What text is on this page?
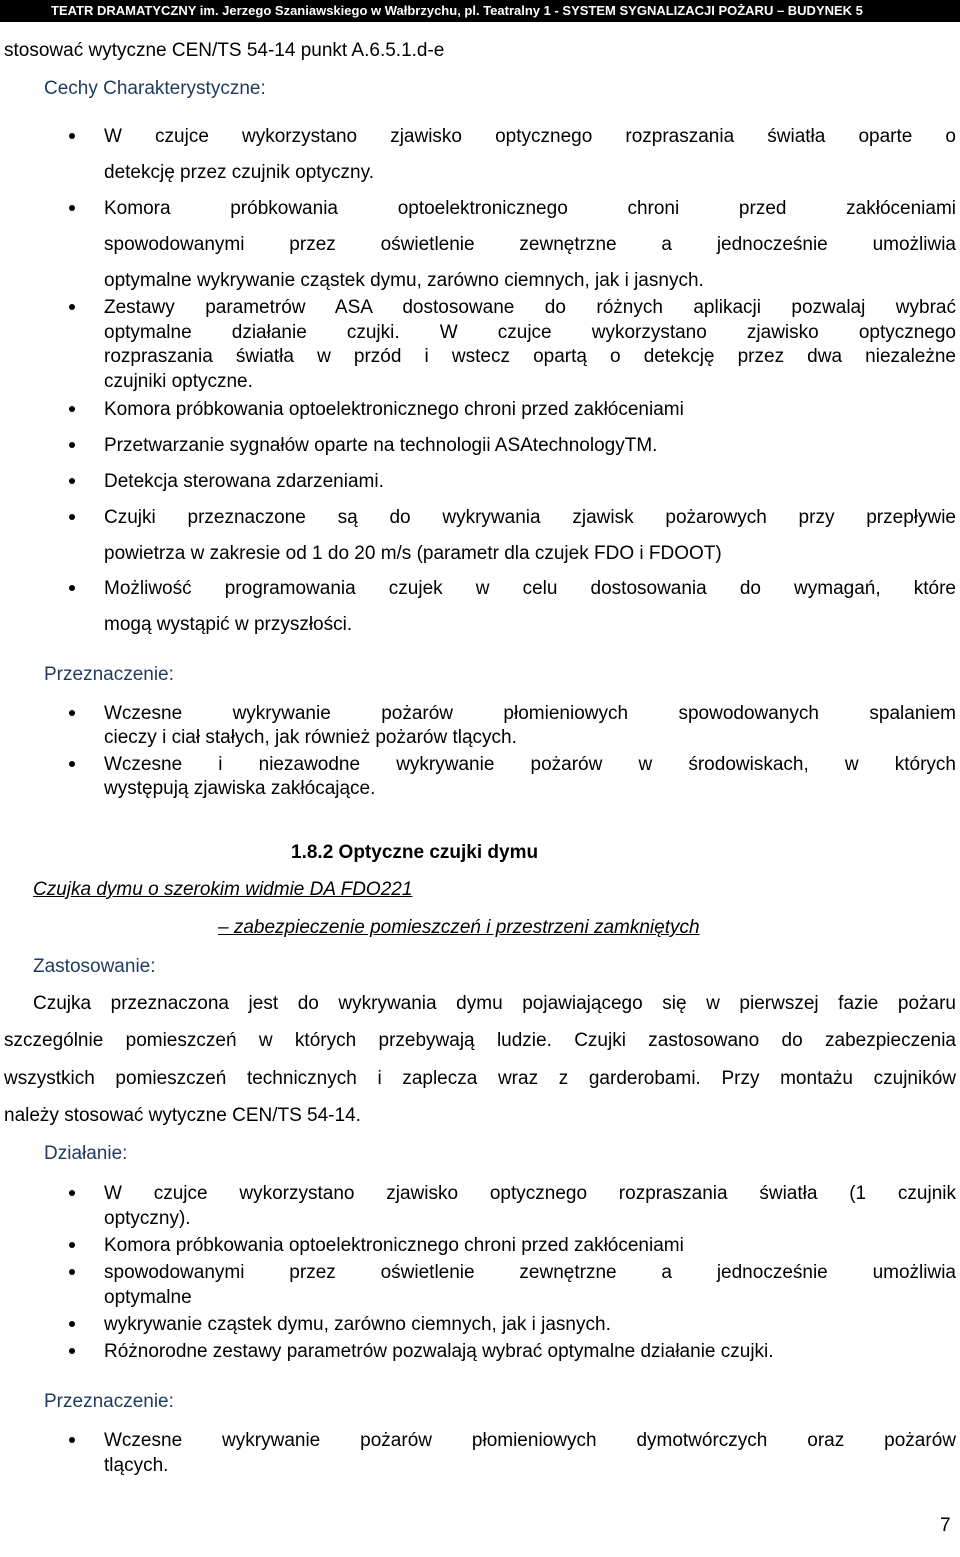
TEATR DRAMATYCZNY im. Jerzego Szaniawskiego w Wałbrzychu, pl. Teatralny 1 - SYSTEM SYGNALIZACJI POŻARU – BUDYNEK 5
stosować wytyczne CEN/TS 54-14 punkt A.6.5.1.d-e
Cechy Charakterystyczne:
W czujce wykorzystano zjawisko optycznego rozpraszania światła oparte o
detekcję przez czujnik optyczny.
Komora próbkowania optoelektronicznego chroni przed zakłóceniami
spowodowanymi przez oświetlenie zewnętrzne a jednocześnie umożliwia
optymalne wykrywanie cząstek dymu, zarówno ciemnych, jak i jasnych.
Zestawy parametrów ASA dostosowane do różnych aplikacji pozwalaj wybrać
optymalne działanie czujki. W czujce wykorzystano zjawisko optycznego
rozpraszania światła w przód i wstecz opartą o detekcję przez dwa niezależne
czujniki optyczne.
Komora próbkowania optoelektronicznego chroni przed zakłóceniami
Przetwarzanie sygnałów oparte na technologii ASAtechnologyTM.
Detekcja sterowana zdarzeniami.
Czujki przeznaczone są do wykrywania zjawisk pożarowych przy przepływie
powietrza w zakresie od 1 do 20 m/s (parametr dla czujek FDO i FDOOT)
Możliwość programowania czujek w celu dostosowania do wymagań, które
mogą wystąpić w przyszłości.
Przeznaczenie:
Wczesne wykrywanie pożarów płomieniowych spowodowanych spalaniem
cieczy i ciał stałych, jak również pożarów tlących.
Wczesne i niezawodne wykrywanie pożarów w środowiskach, w których
występują zjawiska zakłócające.
1.8.2 Optyczne czujki dymu
Czujka dymu o szerokim widmie DA FDO221
– zabezpieczenie pomieszczeń i przestrzeni zamkniętych
Zastosowanie:
Czujka przeznaczona jest do wykrywania dymu pojawiającego się w pierwszej fazie pożaru
szczególnie pomieszczeń w których przebywają ludzie. Czujki zastosowano do zabezpieczenia
wszystkich pomieszczeń technicznych i zaplecza wraz z garderobami. Przy montażu czujników
należy stosować wytyczne CEN/TS 54-14.
Działanie:
W czujce wykorzystano zjawisko optycznego rozpraszania światła (1 czujnik
optyczny).
Komora próbkowania optoelektronicznego chroni przed zakłóceniami
spowodowanymi przez oświetlenie zewnętrzne a jednocześnie umożliwia
optymalne
wykrywanie cząstek dymu, zarówno ciemnych, jak i jasnych.
Różnorodne zestawy parametrów pozwalają wybrać optymalne działanie czujki.
Przeznaczenie:
Wczesne wykrywanie pożarów płomieniowych dymotwórczych oraz pożarów
tlących.
7
